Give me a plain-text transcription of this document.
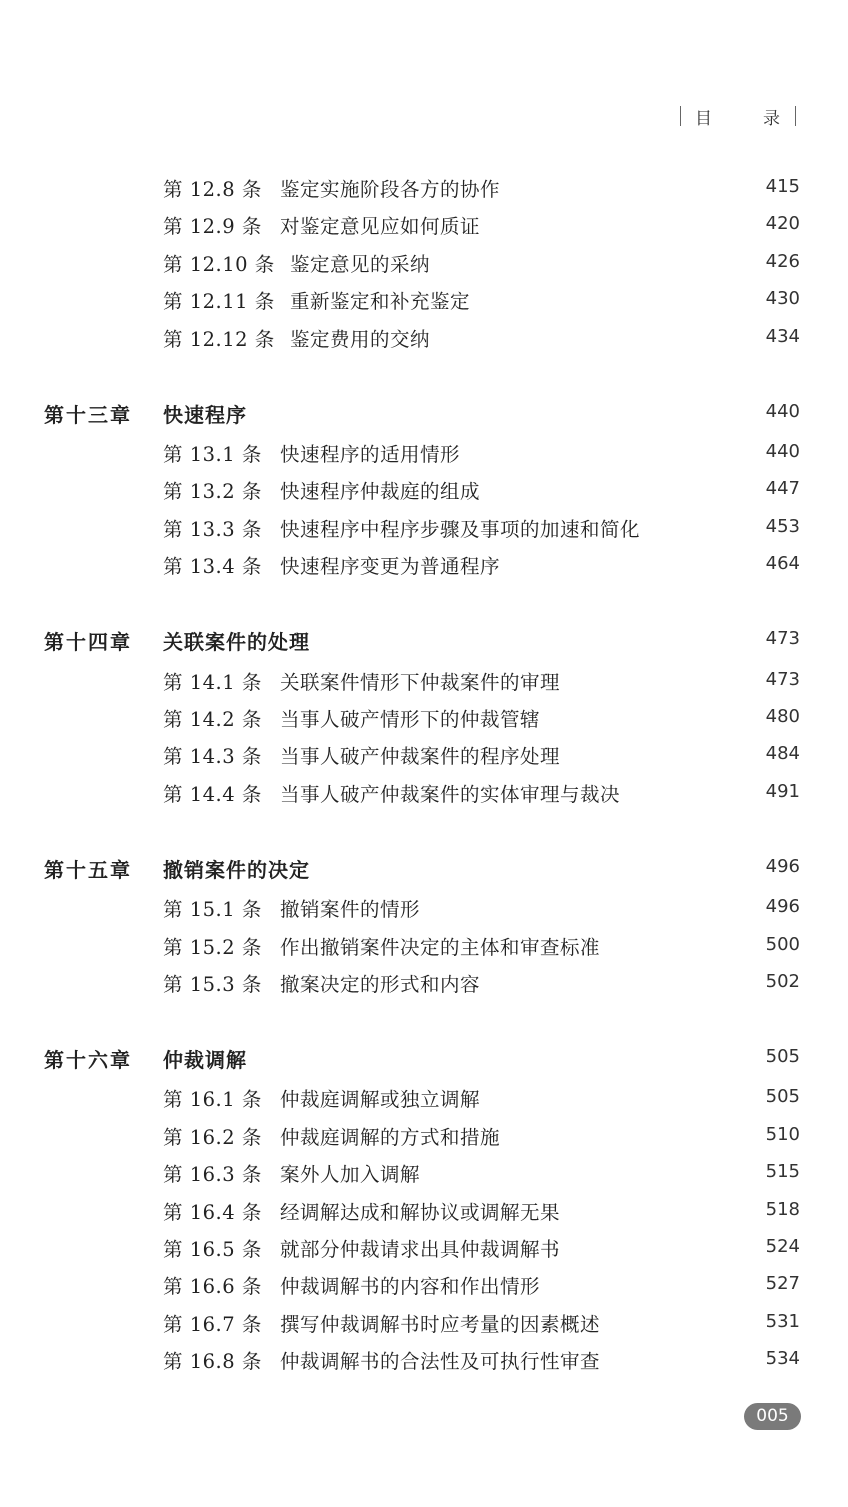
目	录
第 12.8 条 鉴定实施阶段各方的协作	415
第 12.9 条 对鉴定意见应如何质证	420
第 12.10 条 鉴定意见的采纳	426
第 12.11 条 重新鉴定和补充鉴定	430
第 12.12 条 鉴定费用的交纳	434
第十三章 快速程序	440
第 13.1 条 快速程序的适用情形	440
第 13.2 条 快速程序仲裁庭的组成	447
第 13.3 条 快速程序中程序步骤及事项的加速和简化	453
第 13.4 条 快速程序变更为普通程序	464
第十四章 关联案件的处理	473
第 14.1 条 关联案件情形下仲裁案件的审理	473
第 14.2 条 当事人破产情形下的仲裁管辖	480
第 14.3 条 当事人破产仲裁案件的程序处理	484
第 14.4 条 当事人破产仲裁案件的实体审理与裁决	491
第十五章 撤销案件的决定	496
第 15.1 条 撤销案件的情形	496
第 15.2 条 作出撤销案件决定的主体和审查标准	500
第 15.3 条 撤案决定的形式和内容	502
第十六章 仲裁调解	505
第 16.1 条 仲裁庭调解或独立调解	505
第 16.2 条 仲裁庭调解的方式和措施	510
第 16.3 条 案外人加入调解	515
第 16.4 条 经调解达成和解协议或调解无果	518
第 16.5 条 就部分仲裁请求出具仲裁调解书	524
第 16.6 条 仲裁调解书的内容和作出情形	527
第 16.7 条 撰写仲裁调解书时应考量的因素概述	531
第 16.8 条 仲裁调解书的合法性及可执行性审查	534
005
